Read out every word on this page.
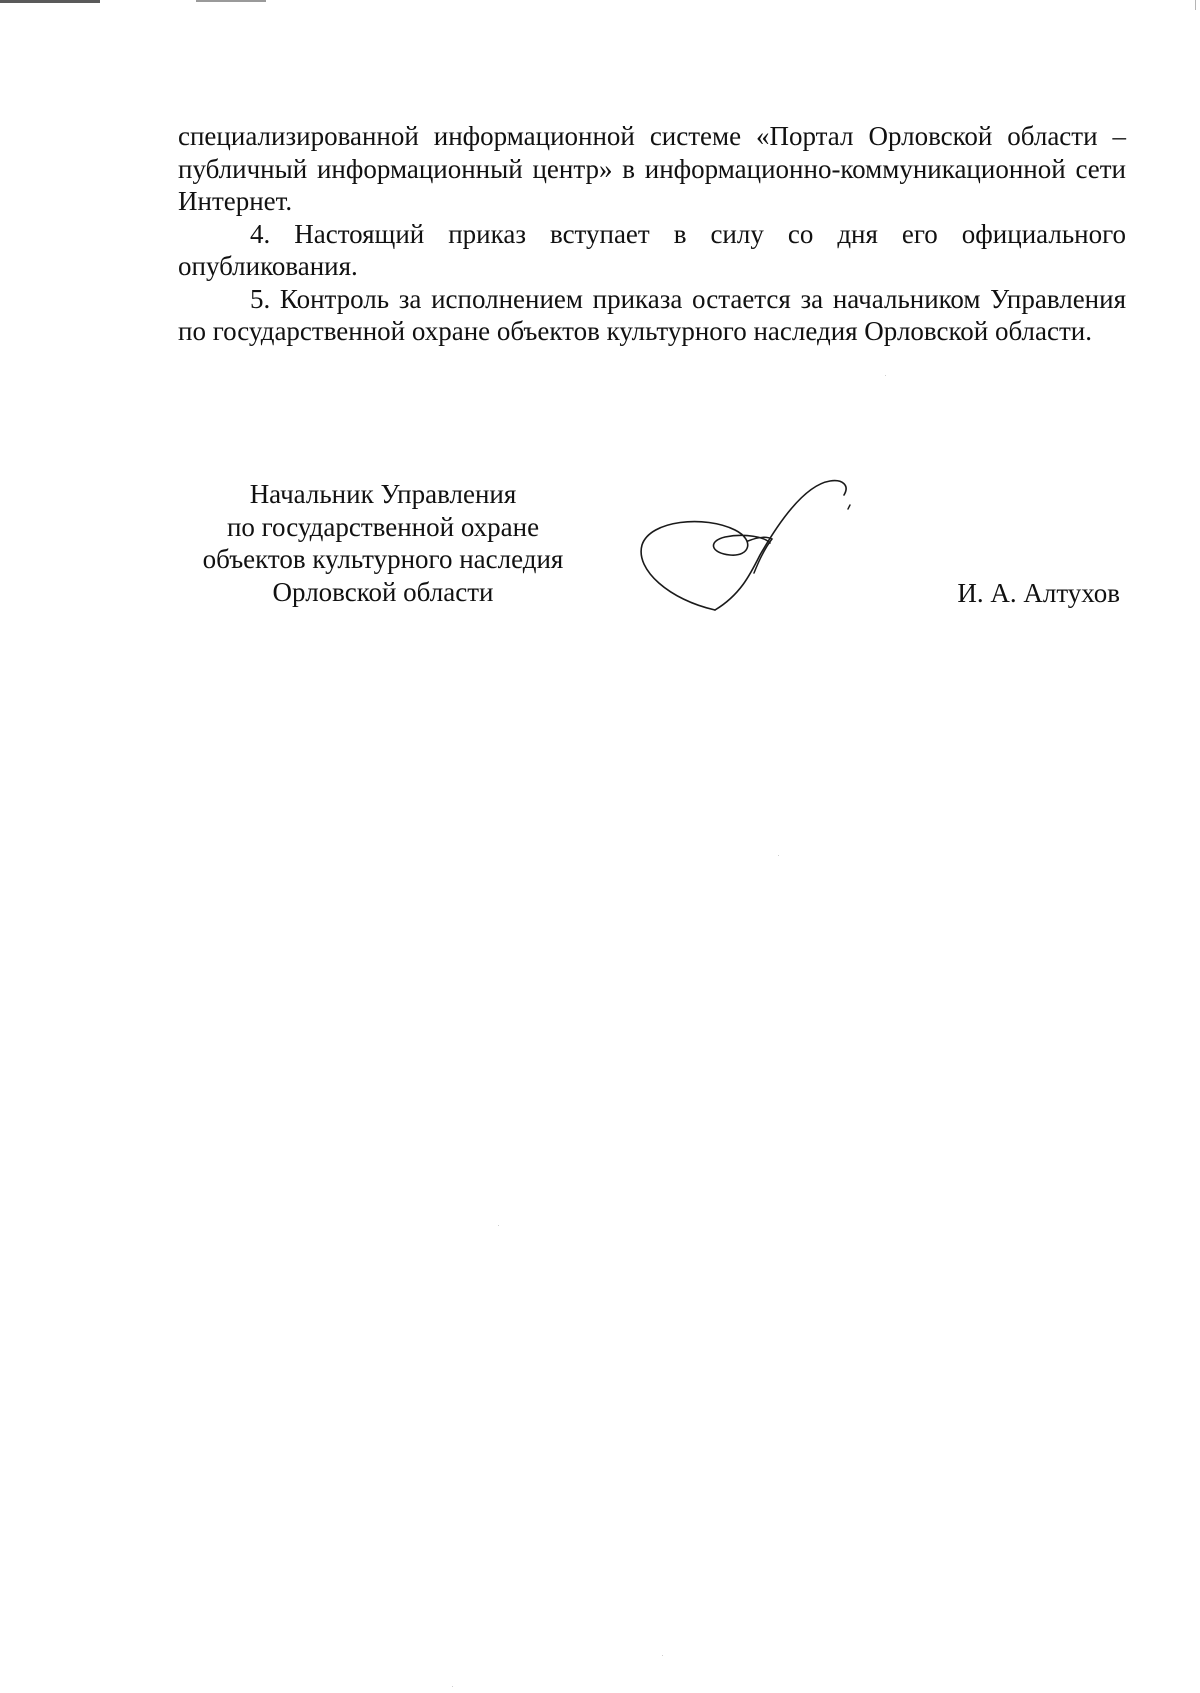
специализированной информационной системе «Портал Орловской области – публичный информационный центр» в информационно-коммуникационной сети Интернет.

4. Настоящий приказ вступает в силу со дня его официального опубликования.

5. Контроль за исполнением приказа остается за начальником Управления по государственной охране объектов культурного наследия Орловской области.

Начальник Управления
по государственной охране
объектов культурного наследия
Орловской области	И. А. Алтухов
